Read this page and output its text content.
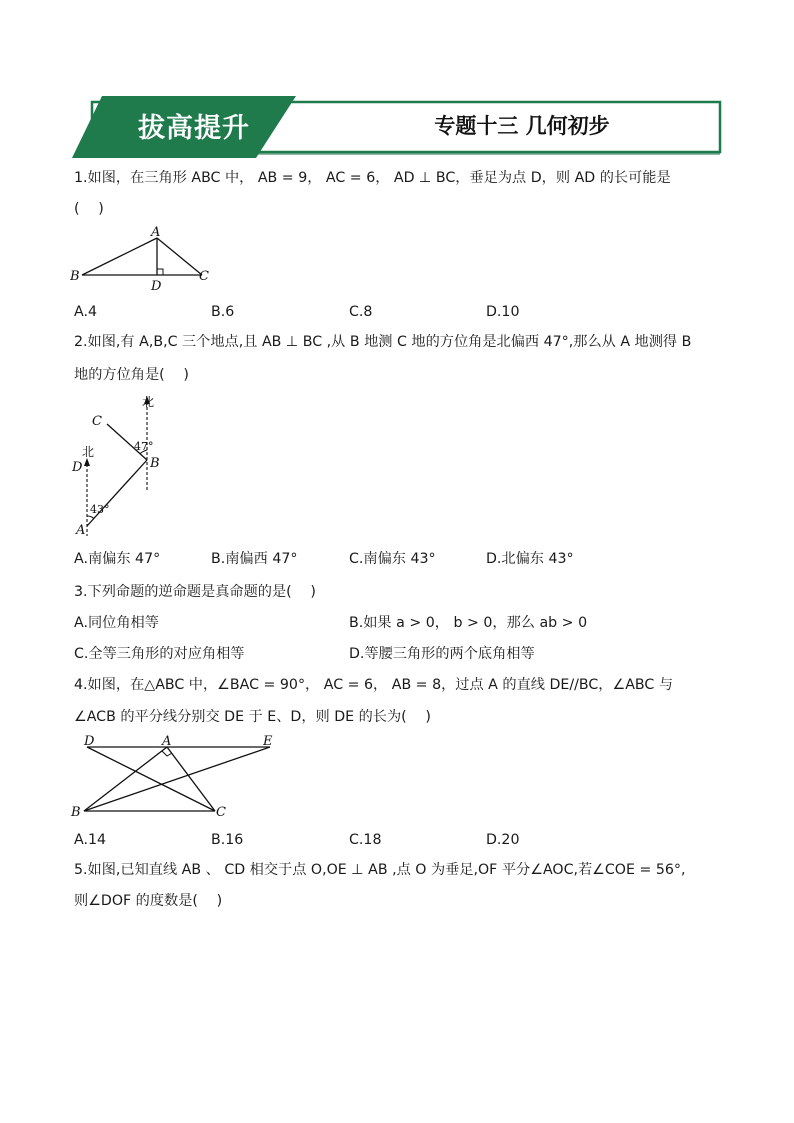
拔高提升	专题十三 几何初步
1.如图，在三角形 ABC 中， AB = 9， AC = 6， AD ⊥ BC，垂足为点 D，则 AD 的长可能是
(　 )
A
B	C
D
A.4	B.6	C.8	D.10
2.如图,有 A,B,C 三个地点,且 AB ⊥ BC ,从 B 地测 C 地的方位角是北偏西 47°,那么从 A 地测得 B
地的方位角是(　 )
北
北
C
B
D
A
47°
43°
A.南偏东 47°	B.南偏西 47°	C.南偏东 43°	D.北偏东 43°
3.下列命题的逆命题是真命题的是(　 )
A.同位角相等	B.如果 a > 0， b > 0，那么 ab > 0
C.全等三角形的对应角相等	D.等腰三角形的两个底角相等
4.如图，在△ABC 中，∠BAC = 90°， AC = 6， AB = 8，过点 A 的直线 DE//BC，∠ABC 与
∠ACB 的平分线分别交 DE 于 E、D，则 DE 的长为(　 )
D	A	E
B	C
A.14	B.16	C.18	D.20
5.如图,已知直线 AB 、 CD 相交于点 O,OE ⊥ AB ,点 O 为垂足,OF 平分∠AOC,若∠COE = 56°,
则∠DOF 的度数是(　 )
